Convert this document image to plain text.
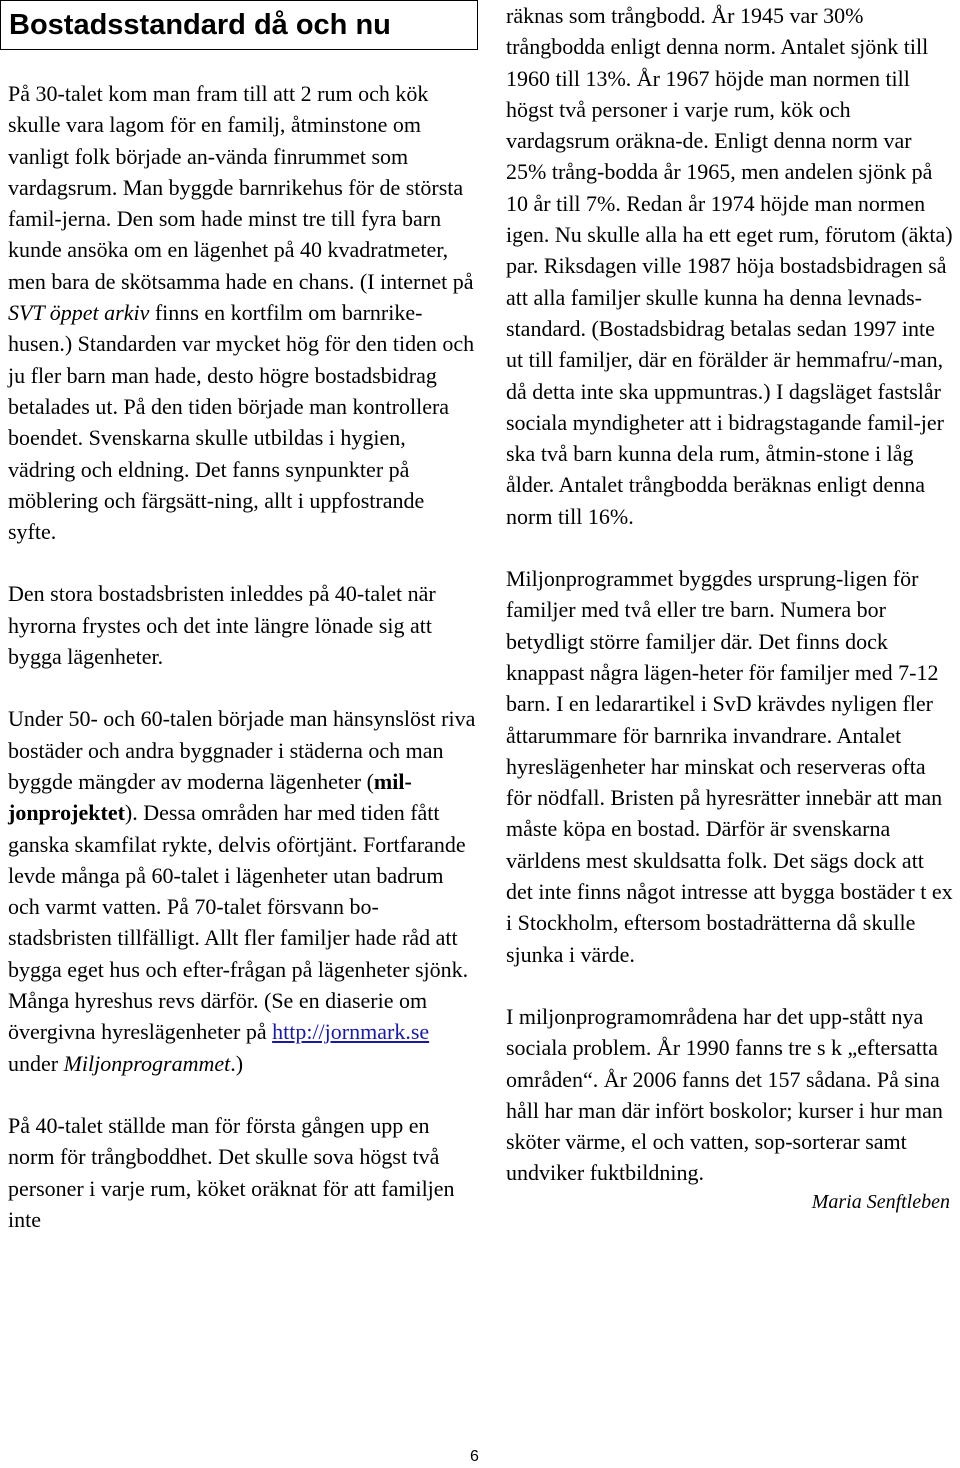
Bostadsstandard då och nu

På 30-talet kom man fram till att 2 rum och kök skulle vara lagom för en familj, åtminstone om vanligt folk började an-vända finrummet som vardagsrum. Man byggde barnrikehus för de största famil-jerna. Den som hade minst tre till fyra barn kunde ansöka om en lägenhet på 40 kvadratmeter, men bara de skötsamma hade en chans. (I internet på SVT öppet arkiv finns en kortfilm om barnrike-husen.) Standarden var mycket hög för den tiden och ju fler barn man hade, desto högre bostadsbidrag betalades ut. På den tiden började man kontrollera boendet. Svenskarna skulle utbildas i hygien, vädring och eldning. Det fanns synpunkter på möblering och färgsätt-ning, allt i uppfostrande syfte.

Den stora bostadsbristen inleddes på 40-talet när hyrorna frystes och det inte längre lönade sig att bygga lägenheter.

Under 50- och 60-talen började man hänsynslöst riva bostäder och andra byggnader i städerna och man byggde mängder av moderna lägenheter (mil-jonprojektet). Dessa områden har med tiden fått ganska skamfilat rykte, delvis oförtjänt. Fortfarande levde många på 60-talet i lägenheter utan badrum och varmt vatten. På 70-talet försvann bo-stadsbristen tillfälligt. Allt fler familjer hade råd att bygga eget hus och efter-frågan på lägenheter sjönk. Många hyreshus revs därför. (Se en diaserie om övergivna hyreslägenheter på http://jornmark.se under Miljonprogrammet.)

På 40-talet ställde man för första gången upp en norm för trångboddhet. Det skulle sova högst två personer i varje rum, köket oräknat för att familjen inte

räknas som trångbodd. År 1945 var 30% trångbodda enligt denna norm. Antalet sjönk till 1960 till 13%. År 1967 höjde man normen till högst två personer i varje rum, kök och vardagsrum oräkna-de. Enligt denna norm var 25% trång-bodda år 1965, men andelen sjönk på 10 år till 7%. Redan år 1974 höjde man normen igen. Nu skulle alla ha ett eget rum, förutom (äkta) par. Riksdagen ville 1987 höja bostadsbidragen så att alla familjer skulle kunna ha denna levnads-standard. (Bostadsbidrag betalas sedan 1997 inte ut till familjer, där en förälder är hemmafru/-man, då detta inte ska uppmuntras.) I dagsläget fastslår sociala myndigheter att i bidragstagande famil-jer ska två barn kunna dela rum, åtmin-stone i låg ålder. Antalet trångbodda beräknas enligt denna norm till 16%.

Miljonprogrammet byggdes ursprung-ligen för familjer med två eller tre barn. Numera bor betydligt större familjer där. Det finns dock knappast några lägen-heter för familjer med 7-12 barn. I en ledarartikel i SvD krävdes nyligen fler åttarummare för barnrika invandrare. Antalet hyreslägenheter har minskat och reserveras ofta för nödfall. Bristen på hyresrätter innebär att man måste köpa en bostad. Därför är svenskarna världens mest skuldsatta folk. Det sägs dock att det inte finns något intresse att bygga bostäder t ex i Stockholm, eftersom bostadrätterna då skulle sjunka i värde.

I miljonprogramområdena har det upp-stått nya sociala problem. År 1990 fanns tre s k „eftersatta områden“. År 2006 fanns det 157 sådana. På sina håll har man där infört boskolor; kurser i hur man sköter värme, el och vatten, sop-sorterar samt undviker fuktbildning.

Maria Senftleben
6
